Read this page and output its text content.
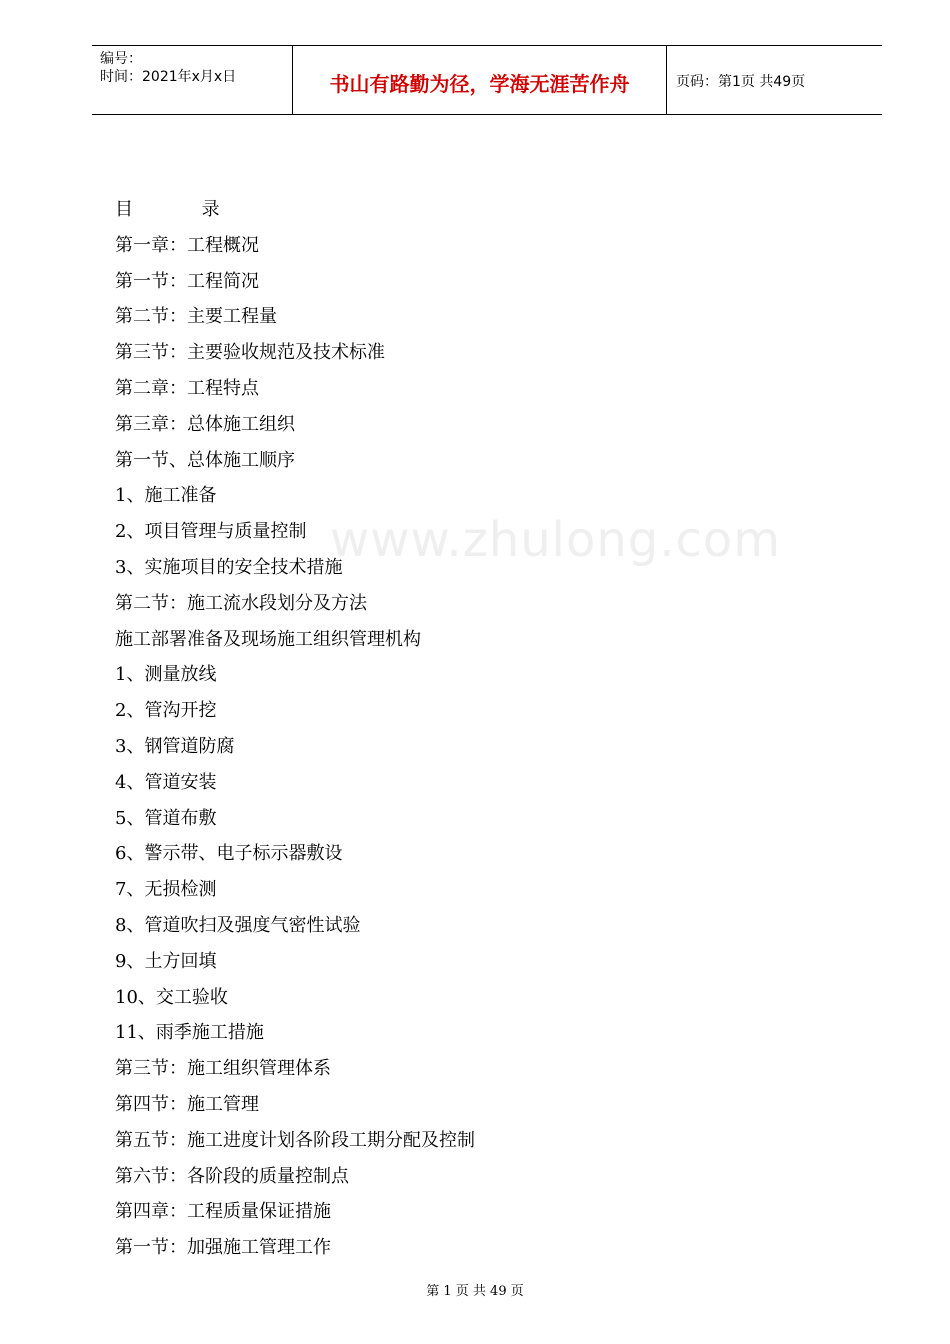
编号：
时间：2021年x月x日	书山有路勤为径，学海无涯苦作舟	页码：第1页 共49页
www.zhulong.com
目            录
第一章：工程概况
第一节：工程简况
第二节：主要工程量
第三节：主要验收规范及技术标准
第二章：工程特点
第三章：总体施工组织
第一节、总体施工顺序
1、施工准备
2、项目管理与质量控制
3、实施项目的安全技术措施
第二节：施工流水段划分及方法
施工部署准备及现场施工组织管理机构
1、测量放线
2、管沟开挖
3、钢管道防腐
4、管道安装
5、管道布敷
6、警示带、电子标示器敷设
7、无损检测
8、管道吹扫及强度气密性试验
9、土方回填
10、交工验收
11、雨季施工措施
第三节：施工组织管理体系
第四节：施工管理
第五节：施工进度计划各阶段工期分配及控制
第六节：各阶段的质量控制点
第四章：工程质量保证措施
第一节：加强施工管理工作
第 1 页 共 49 页
